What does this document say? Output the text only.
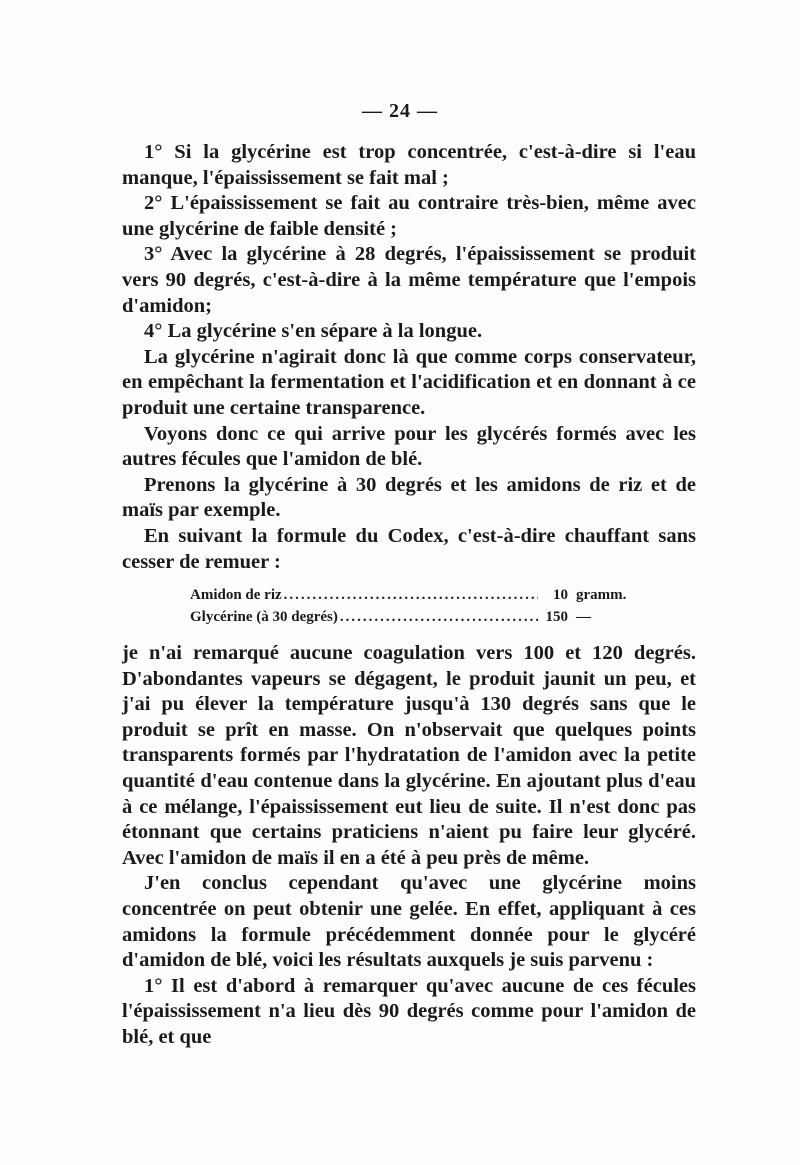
— 24 —

1° Si la glycérine est trop concentrée, c'est-à-dire si l'eau manque, l'épaississement se fait mal ;

2° L'épaississement se fait au contraire très-bien, même avec une glycérine de faible densité ;

3° Avec la glycérine à 28 degrés, l'épaississement se produit vers 90 degrés, c'est-à-dire à la même température que l'empois d'amidon;

4° La glycérine s'en sépare à la longue.

La glycérine n'agirait donc là que comme corps conservateur, en empêchant la fermentation et l'acidification et en donnant à ce produit une certaine transparence.

Voyons donc ce qui arrive pour les glycérés formés avec les autres fécules que l'amidon de blé.

Prenons la glycérine à 30 degrés et les amidons de riz et de maïs par exemple.

En suivant la formule du Codex, c'est-à-dire chauffant sans cesser de remuer :

Amidon de riz .....	10 gramm.
Glycérine (à 30 degrés) .....	150 —

je n'ai remarqué aucune coagulation vers 100 et 120 degrés. D'abondantes vapeurs se dégagent, le produit jaunit un peu, et j'ai pu élever la température jusqu'à 130 degrés sans que le produit se prît en masse. On n'observait que quelques points transparents formés par l'hydratation de l'amidon avec la petite quantité d'eau contenue dans la glycérine. En ajoutant plus d'eau à ce mélange, l'épaississement eut lieu de suite. Il n'est donc pas étonnant que certains praticiens n'aient pu faire leur glycéré. Avec l'amidon de maïs il en a été à peu près de même.

J'en conclus cependant qu'avec une glycérine moins concentrée on peut obtenir une gelée. En effet, appliquant à ces amidons la formule précédemment donnée pour le glycéré d'amidon de blé, voici les résultats auxquels je suis parvenu :

1° Il est d'abord à remarquer qu'avec aucune de ces fécules l'épaississement n'a lieu dès 90 degrés comme pour l'amidon de blé, et que
